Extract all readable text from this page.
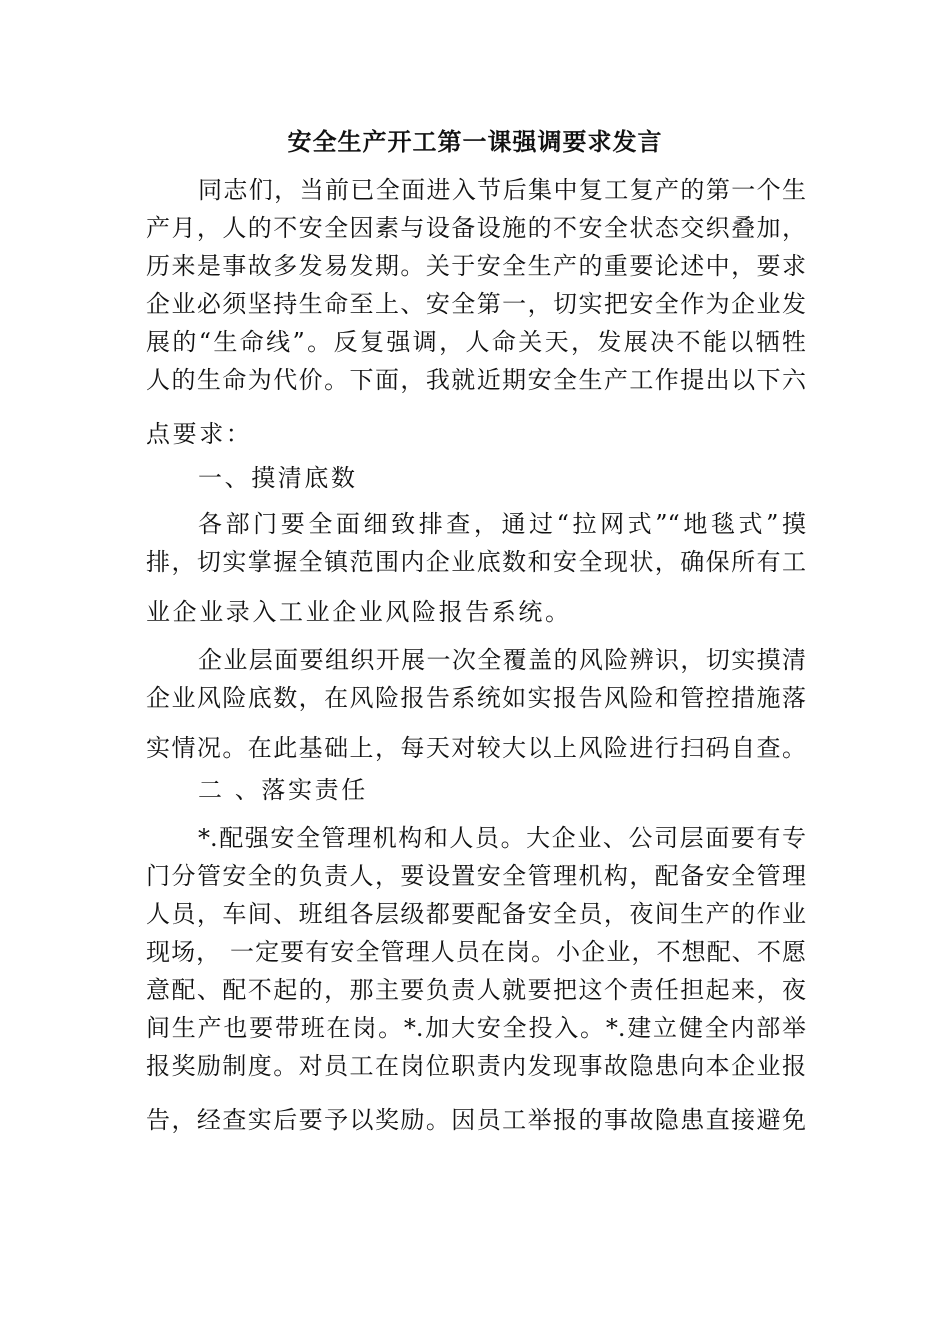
安全生产开工第一课强调要求发言

同志们，当前已全面进入节后集中复工复产的第一个生

产月，人的不安全因素与设备设施的不安全状态交织叠加，

历来是事故多发易发期。关于安全生产的重要论述中，要求

企业必须坚持生命至上、安全第一，切实把安全作为企业发

展的“生命线”。反复强调，人命关天，发展决不能以牺牲

人的生命为代价。下面，我就近期安全生产工作提出以下六

点要求：

一、摸清底数

各部门要全面细致排查，通过“拉网式”“地毯式”摸

排，切实掌握全镇范围内企业底数和安全现状，确保所有工

业企业录入工业企业风险报告系统。

企业层面要组织开展一次全覆盖的风险辨识，切实摸清

企业风险底数，在风险报告系统如实报告风险和管控措施落

实情况。在此基础上，每天对较大以上风险进行扫码自查。

二 、落实责任

*.配强安全管理机构和人员。大企业、公司层面要有专

门分管安全的负责人，要设置安全管理机构，配备安全管理

人员，车间、班组各层级都要配备安全员，夜间生产的作业

现场， 一定要有安全管理人员在岗。小企业，不想配、不愿

意配、配不起的，那主要负责人就要把这个责任担起来，夜

间生产也要带班在岗。*.加大安全投入。*.建立健全内部举

报奖励制度。对员工在岗位职责内发现事故隐患向本企业报

告，经查实后要予以奖励。因员工举报的事故隐患直接避免
